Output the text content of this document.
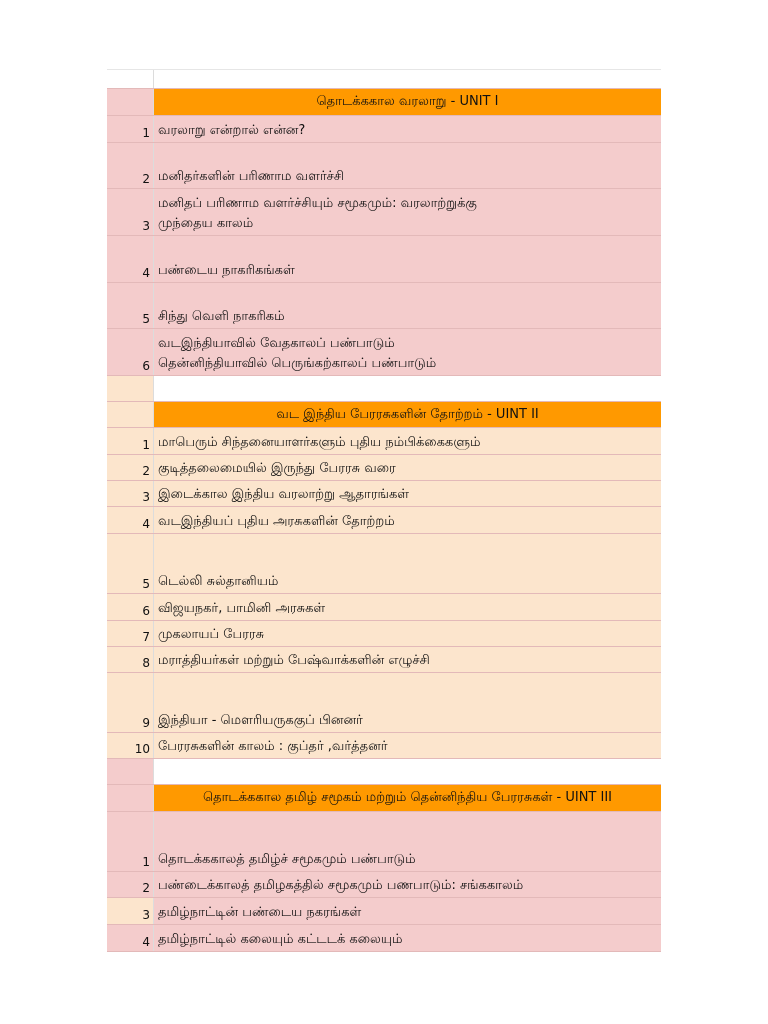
தொடக்ககால வரலாறு - UNIT I
1 வரலாறு என்றால் என்ன?
2 மனிதர்களின் பரிணாம வளர்ச்சி
3
மனிதப் பரிணாம வளர்ச்சியும் சமூகமும்: வரலாற்றுக்கு
முந்தைய காலம்
4 பண்டைய நாகரிகங்கள்
5 சிந்து வெளி நாகரிகம்
6
வடஇந்தியாவில் வேதகாலப் பண்பாடும்
தென்னிந்தியாவில் பெருங்கற்காலப் பண்பாடும்
வட இந்திய பேரரசுகளின் தோற்றம் - UINT II
1 மாபெரும் சிந்தனையாளர்களும் புதிய நம்பிக்கைகளும்
2 குடித்தலைமையில் இருந்து பேரரசு வரை
3 இடைக்கால இந்திய வரலாற்று ஆதாரங்கள்
4 வடஇந்தியப் புதிய அரசுகளின் தோற்றம்
5 டெல்லி சுல்தானியம்
6 விஜயநகர், பாமினி அரசுகள்
7 முகலாயப் பேரரசு
8 மராத்தியர்கள் மற்றும் பேஷ்வாக்களின் எழுச்சி
9 இந்தியா - மௌரியருககுப் பினனர்
10 பேரரசுகளின் காலம் : குப்தர் ,வர்த்தனர்
தொடக்ககால தமிழ் சமூகம் மற்றும் தென்னிந்திய பேரரசுகள் - UINT III
1 தொடக்ககாலத் தமிழ்ச் சமூகமும் பண்பாடும்
2 பண்டைக்காலத் தமிழகத்தில் சமூகமும் பணபாடும்: சங்ககாலம்
3 தமிழ்நாட்டின் பண்டைய நகரங்கள்
4 தமிழ்நாட்டில் கலையும் கட்டடக் கலையும்
